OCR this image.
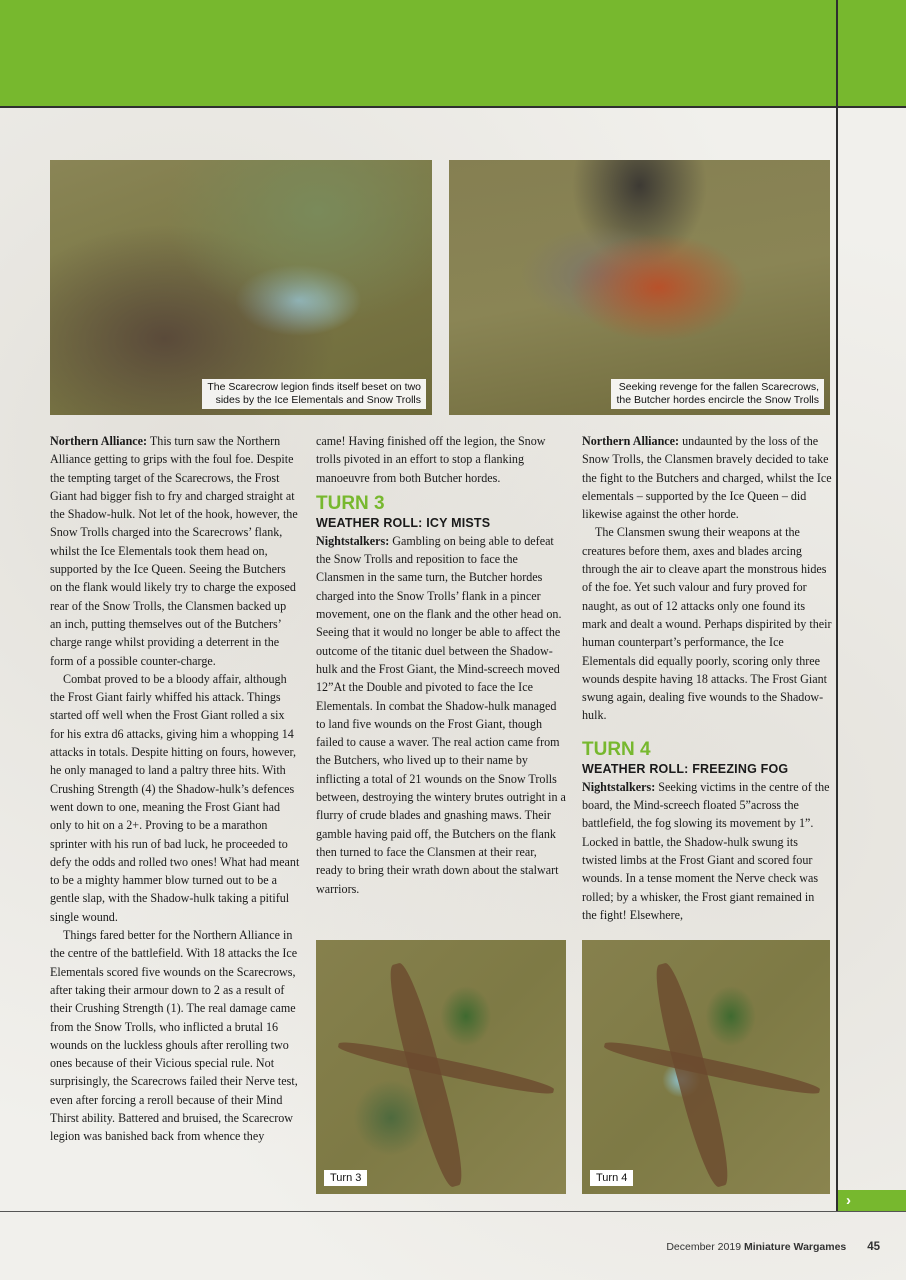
›
The Scarecrow legion finds itself beset on two
sides by the Ice Elementals and Snow Trolls
Seeking revenge for the fallen Scarecrows,
the Butcher hordes encircle the Snow Trolls

Northern Alliance: This turn saw the Northern Alliance getting to grips with the foul foe. Despite the tempting target of the Scarecrows, the Frost Giant had bigger fish to fry and charged straight at the Shadow-hulk. Not let of the hook, however, the Snow Trolls charged into the Scarecrows’ flank, whilst the Ice Elementals took them head on, supported by the Ice Queen. Seeing the Butchers on the flank would likely try to charge the exposed rear of the Snow Trolls, the Clansmen backed up an inch, putting themselves out of the Butchers’ charge range whilst providing a deterrent in the form of a possible counter-charge.

Combat proved to be a bloody affair, although the Frost Giant fairly whiffed his attack. Things started off well when the Frost Giant rolled a six for his extra d6 attacks, giving him a whopping 14 attacks in totals. Despite hitting on fours, however, he only managed to land a paltry three hits. With Crushing Strength (4) the Shadow-hulk’s defences went down to one, meaning the Frost Giant had only to hit on a 2+. Proving to be a marathon sprinter with his run of bad luck, he proceeded to defy the odds and rolled two ones! What had meant to be a mighty hammer blow turned out to be a gentle slap, with the Shadow-hulk taking a pitiful single wound.

Things fared better for the Northern Alliance in the centre of the battlefield. With 18 attacks the Ice Elementals scored five wounds on the Scarecrows, after taking their armour down to 2 as a result of their Crushing Strength (1). The real damage came from the Snow Trolls, who inflicted a brutal 16 wounds on the luckless ghouls after rerolling two ones because of their Vicious special rule. Not surprisingly, the Scarecrows failed their Nerve test, even after forcing a reroll because of their Mind Thirst ability. Battered and bruised, the Scarecrow legion was banished back from whence they

came! Having finished off the legion, the Snow trolls pivoted in an effort to stop a flanking manoeuvre from both Butcher hordes.

TURN 3
WEATHER ROLL: ICY MISTS

Nightstalkers: Gambling on being able to defeat the Snow Trolls and reposition to face the Clansmen in the same turn, the Butcher hordes charged into the Snow Trolls’ flank in a pincer movement, one on the flank and the other head on. Seeing that it would no longer be able to affect the outcome of the titanic duel between the Shadow-hulk and the Frost Giant, the Mind-screech moved 12”At the Double and pivoted to face the Ice Elementals. In combat the Shadow-hulk managed to land five wounds on the Frost Giant, though failed to cause a waver. The real action came from the Butchers, who lived up to their name by inflicting a total of 21 wounds on the Snow Trolls between, destroying the wintery brutes outright in a flurry of crude blades and gnashing maws. Their gamble having paid off, the Butchers on the flank then turned to face the Clansmen at their rear, ready to bring their wrath down about the stalwart warriors.

Northern Alliance: undaunted by the loss of the Snow Trolls, the Clansmen bravely decided to take the fight to the Butchers and charged, whilst the Ice elementals – supported by the Ice Queen – did likewise against the other horde.

The Clansmen swung their weapons at the creatures before them, axes and blades arcing through the air to cleave apart the monstrous hides of the foe. Yet such valour and fury proved for naught, as out of 12 attacks only one found its mark and dealt a wound. Perhaps dispirited by their human counterpart’s performance, the Ice Elementals did equally poorly, scoring only three wounds despite having 18 attacks. The Frost Giant swung again, dealing five wounds to the Shadow-hulk.

TURN 4
WEATHER ROLL: FREEZING FOG

Nightstalkers: Seeking victims in the centre of the board, the Mind-screech floated 5”across the battlefield, the fog slowing its movement by 1”. Locked in battle, the Shadow-hulk swung its twisted limbs at the Frost Giant and scored four wounds. In a tense moment the Nerve check was rolled; by a whisker, the Frost giant remained in the fight! Elsewhere,

Turn 3	Turn 4
December 2019 Miniature Wargames 45
